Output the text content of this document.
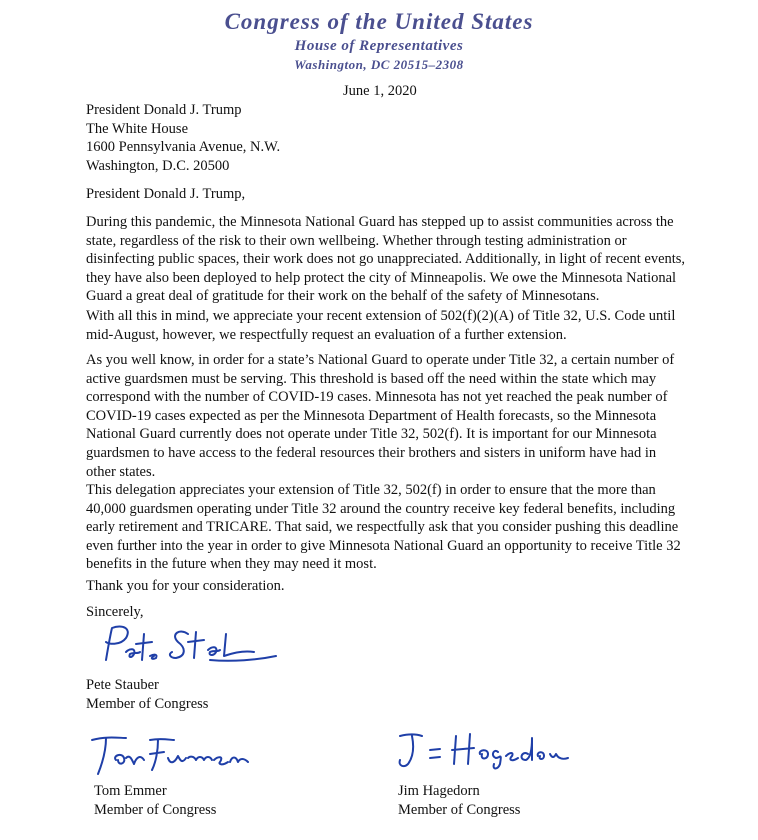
Congress of the United States
House of Representatives
Washington, DC 20515–2308
June 1, 2020
President Donald J. Trump
The White House
1600 Pennsylvania Avenue, N.W.
Washington, D.C. 20500
President Donald J. Trump,
During this pandemic, the Minnesota National Guard has stepped up to assist communities across the state, regardless of the risk to their own wellbeing. Whether through testing administration or disinfecting public spaces, their work does not go unappreciated. Additionally, in light of recent events, they have also been deployed to help protect the city of Minneapolis. We owe the Minnesota National Guard a great deal of gratitude for their work on the behalf of the safety of Minnesotans.
With all this in mind, we appreciate your recent extension of 502(f)(2)(A) of Title 32, U.S. Code until mid-August, however, we respectfully request an evaluation of a further extension.
As you well know, in order for a state’s National Guard to operate under Title 32, a certain number of active guardsmen must be serving. This threshold is based off the need within the state which may correspond with the number of COVID-19 cases. Minnesota has not yet reached the peak number of COVID-19 cases expected as per the Minnesota Department of Health forecasts, so the Minnesota National Guard currently does not operate under Title 32, 502(f). It is important for our Minnesota guardsmen to have access to the federal resources their brothers and sisters in uniform have had in other states.
This delegation appreciates your extension of Title 32, 502(f) in order to ensure that the more than 40,000 guardsmen operating under Title 32 around the country receive key federal benefits, including early retirement and TRICARE. That said, we respectfully ask that you consider pushing this deadline even further into the year in order to give Minnesota National Guard an opportunity to receive Title 32 benefits in the future when they may need it most.
Thank you for your consideration.
Sincerely,
Pete Stauber
Member of Congress
Tom Emmer
Member of Congress
Jim Hagedorn
Member of Congress
